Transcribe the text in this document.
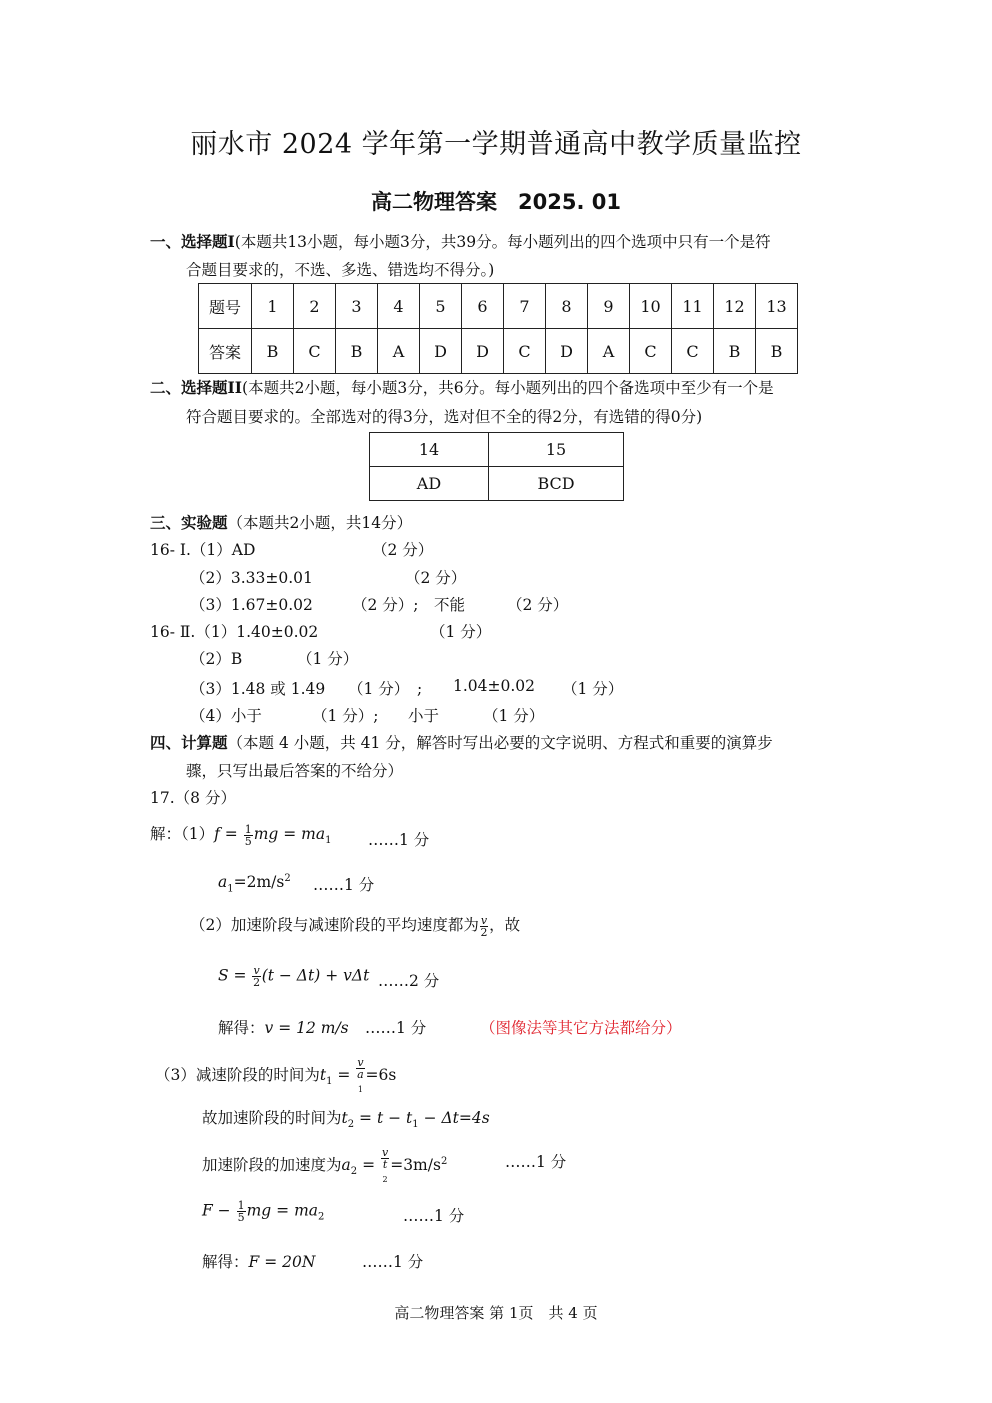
丽水市 2024 学年第一学期普通高中教学质量监控
高二物理答案　2025. 01
一、选择题I(本题共13小题，每小题3分，共39分。每小题列出的四个选项中只有一个是符
合题目要求的，不选、多选、错选均不得分。)
题号	1	2	3	4	5	6	7	8	9	10	11	12	13
答案	B	C	B	A	D	D	C	D	A	C	C	B	B
二、选择题II(本题共2小题，每小题3分，共6分。每小题列出的四个备选项中至少有一个是
符合题目要求的。全部选对的得3分，选对但不全的得2分，有选错的得0分)
14	15
AD	BCD
三、实验题（本题共2小题，共14分）
16- Ⅰ.（1）AD	（2 分）
（2）3.33±0.01	（2 分）
（3）1.67±0.02	（2 分）;　不能	（2 分）
16- Ⅱ.（1）1.40±0.02	（1 分）
（2）B	（1 分）
（3）1.48 或 1.49 （1 分）　; 1.04±0.02 （1 分）
（4）小于	（1 分）; 小于	（1 分）
四、计算题（本题 4 小题，共 41 分，解答时写出必要的文字说明、方程式和重要的演算步
骤，只写出最后答案的不给分）
17.（8 分）
解：$(1)f = \frac{1}{5}$ mg = $ma_1$ ……1 分
$a_1=2m/s^2$ ……1 分
（2）加速阶段与减速阶段的平均速度都为 $\frac{v}{2}$ ，故
$S = \frac{v}{2} (t - \Delta t) + v\Delta t$ ……2 分
解得：v = 12 m/s ……1 分	（图像法等其它方法都给分）
（3）减速阶段的时间为$t_1 = v$
a
$_1$ =6s
故加速阶段的时间为$t_2 = t - t_1 - \Delta t=4s$
加速阶段的加速度为$a_2 = v$
t
$_2 =3m/s^2$	……1 分
$F - \frac{1}{5}$ mg = $ma_2$	……1 分
解得：F = 20N	……1 分
高二物理答案 第 1页　共 4 页
